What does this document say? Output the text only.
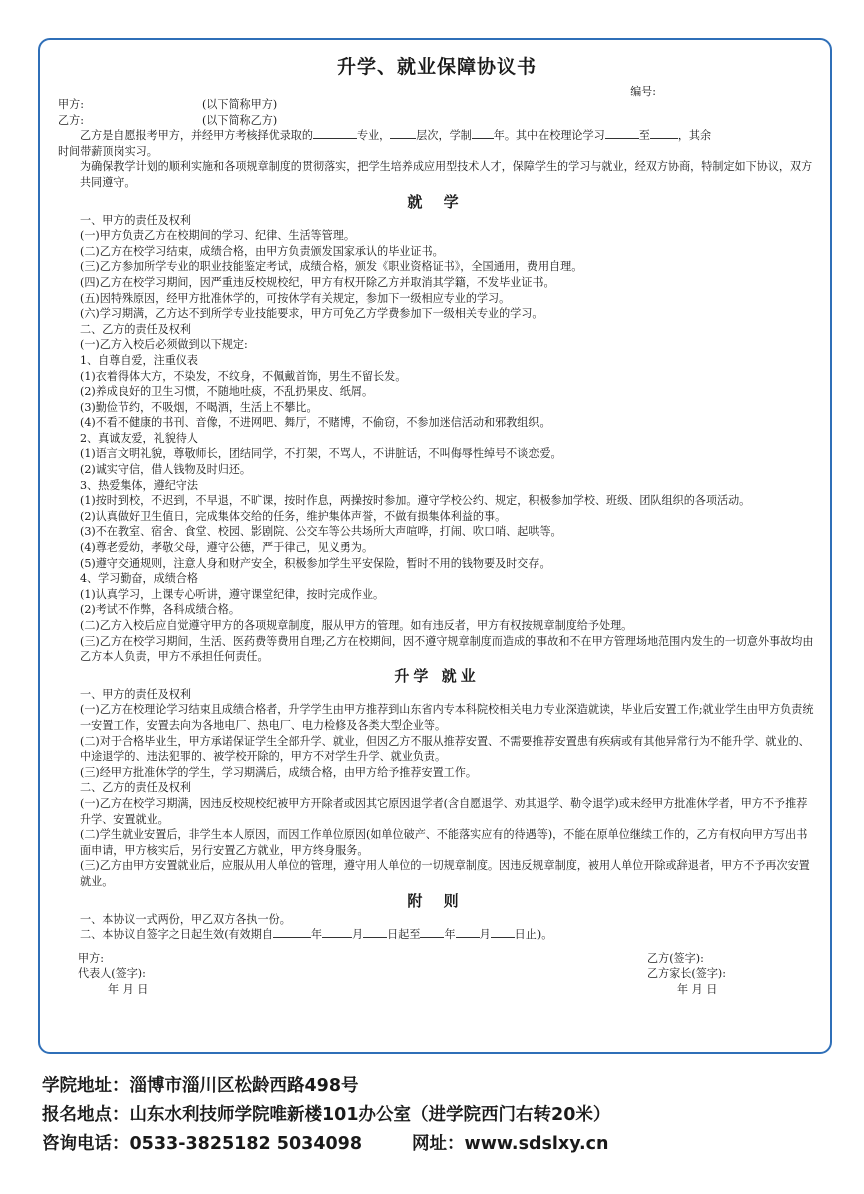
升学、就业保障协议书
编号:
甲方:	(以下简称甲方)
乙方:	(以下简称乙方)
乙方是自愿报考甲方，并经甲方考核择优录取的	专业， 层次，学制 年。其中在校理论学习	至	，其余
时间带薪顶岗实习。
为确保教学计划的顺利实施和各项规章制度的贯彻落实，把学生培养成应用型技术人才，保障学生的学习与就业，经双方协商，特制定如下协议，双方共同遵守。
就 学
一、甲方的责任及权利
(一)甲方负责乙方在校期间的学习、纪律、生活等管理。
(二)乙方在校学习结束，成绩合格，由甲方负责颁发国家承认的毕业证书。
(三)乙方参加所学专业的职业技能鉴定考试，成绩合格，颁发《职业资格证书》，全国通用，费用自理。
(四)乙方在校学习期间，因严重违反校规校纪，甲方有权开除乙方并取消其学籍，不发毕业证书。
(五)因特殊原因，经甲方批准休学的，可按休学有关规定，参加下一级相应专业的学习。
(六)学习期满，乙方达不到所学专业技能要求，甲方可免乙方学费参加下一级相关专业的学习。
二、乙方的责任及权利
(一)乙方入校后必须做到以下规定:
1、自尊自爱，注重仪表
(1)衣着得体大方，不染发，不纹身，不佩戴首饰，男生不留长发。
(2)养成良好的卫生习惯，不随地吐痰，不乱扔果皮、纸屑。
(3)勤俭节约，不吸烟，不喝酒，生活上不攀比。
(4)不看不健康的书刊、音像，不进网吧、舞厅，不赌博，不偷窃，不参加迷信活动和邪教组织。
2、真诚友爱，礼貌待人
(1)语言文明礼貌，尊敬师长，团结同学，不打架，不骂人，不讲脏话，不叫侮辱性绰号不谈恋爱。
(2)诚实守信，借人钱物及时归还。
3、热爱集体，遵纪守法
(1)按时到校，不迟到，不早退，不旷课，按时作息，两操按时参加。遵守学校公约、规定，积极参加学校、班级、团队组织的各项活动。
(2)认真做好卫生值日，完成集体交给的任务，维护集体声誉，不做有损集体利益的事。
(3)不在教室、宿舍、食堂、校园、影剧院、公交车等公共场所大声喧哗，打闹、吹口哨、起哄等。
(4)尊老爱幼，孝敬父母，遵守公德，严于律己，见义勇为。
(5)遵守交通规则，注意人身和财产安全，积极参加学生平安保险，暂时不用的钱物要及时交存。
4、学习勤奋，成绩合格
(1)认真学习，上课专心听讲，遵守课堂纪律，按时完成作业。
(2)考试不作弊，各科成绩合格。
(二)乙方入校后应自觉遵守甲方的各项规章制度，服从甲方的管理。如有违反者，甲方有权按规章制度给予处理。
(三)乙方在校学习期间，生活、医药费等费用自理;乙方在校期间，因不遵守规章制度而造成的事故和不在甲方管理场地范围内发生的一切意外事故均由乙方本人负责，甲方不承担任何责任。
升学 就业
一、甲方的责任及权利
(一)乙方在校理论学习结束且成绩合格者，升学学生由甲方推荐到山东省内专本科院校相关电力专业深造就读，毕业后安置工作;就业学生由甲方负责统一安置工作，安置去向为各地电厂、热电厂、电力检修及各类大型企业等。
(二)对于合格毕业生，甲方承诺保证学生全部升学、就业，但因乙方不服从推荐安置、不需要推荐安置患有疾病或有其他异常行为不能升学、就业的、中途退学的、违法犯罪的、被学校开除的，甲方不对学生升学、就业负责。
(三)经甲方批准休学的学生，学习期满后，成绩合格，由甲方给予推荐安置工作。
二、乙方的责任及权利
(一)乙方在校学习期满，因违反校规校纪被甲方开除者或因其它原因退学者(含自愿退学、劝其退学、勒令退学)或未经甲方批准休学者，甲方不予推荐升学、安置就业。
(二)学生就业安置后，非学生本人原因，而因工作单位原因(如单位破产、不能落实应有的待遇等)，不能在原单位继续工作的，乙方有权向甲方写出书面申请，甲方核实后，另行安置乙方就业，甲方终身服务。
(三)乙方由甲方安置就业后，应服从用人单位的管理，遵守用人单位的一切规章制度。因违反规章制度，被用人单位开除或辞退者，甲方不予再次安置就业。
附 则
一、本协议一式两份，甲乙双方各执一份。
二、本协议自签字之日起生效(有效期自	年	月 日起至 年 月 日止)。
甲方:
代表人(签字):
年 月 日
乙方(签字):
乙方家长(签字):
年 月 日
学院地址：淄博市淄川区松龄西路498号
报名地点：山东水利技师学院唯新楼101办公室（进学院西门右转20米）
咨询电话：0533-3825182 5034098	网址：www.sdslxy.cn
